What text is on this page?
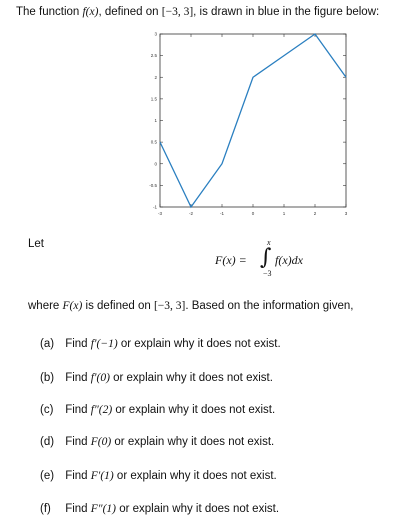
The function f(x), defined on [−3, 3], is drawn in blue in the figure below:
-3	-2	-1	0	1	2	3
-1
-0.5
0
0.5
1
1.5
2
2.5
3
Let
F(x) = ∫
x
−3
f(x)dx
where F(x) is defined on [−3, 3]. Based on the information given,
(a) Find f′(−1) or explain why it does not exist.
(b) Find f′(0) or explain why it does not exist.
(c) Find f″(2) or explain why it does not exist.
(d) Find F(0) or explain why it does not exist.
(e) Find F′(1) or explain why it does not exist.
(f) Find F″(1) or explain why it does not exist.
